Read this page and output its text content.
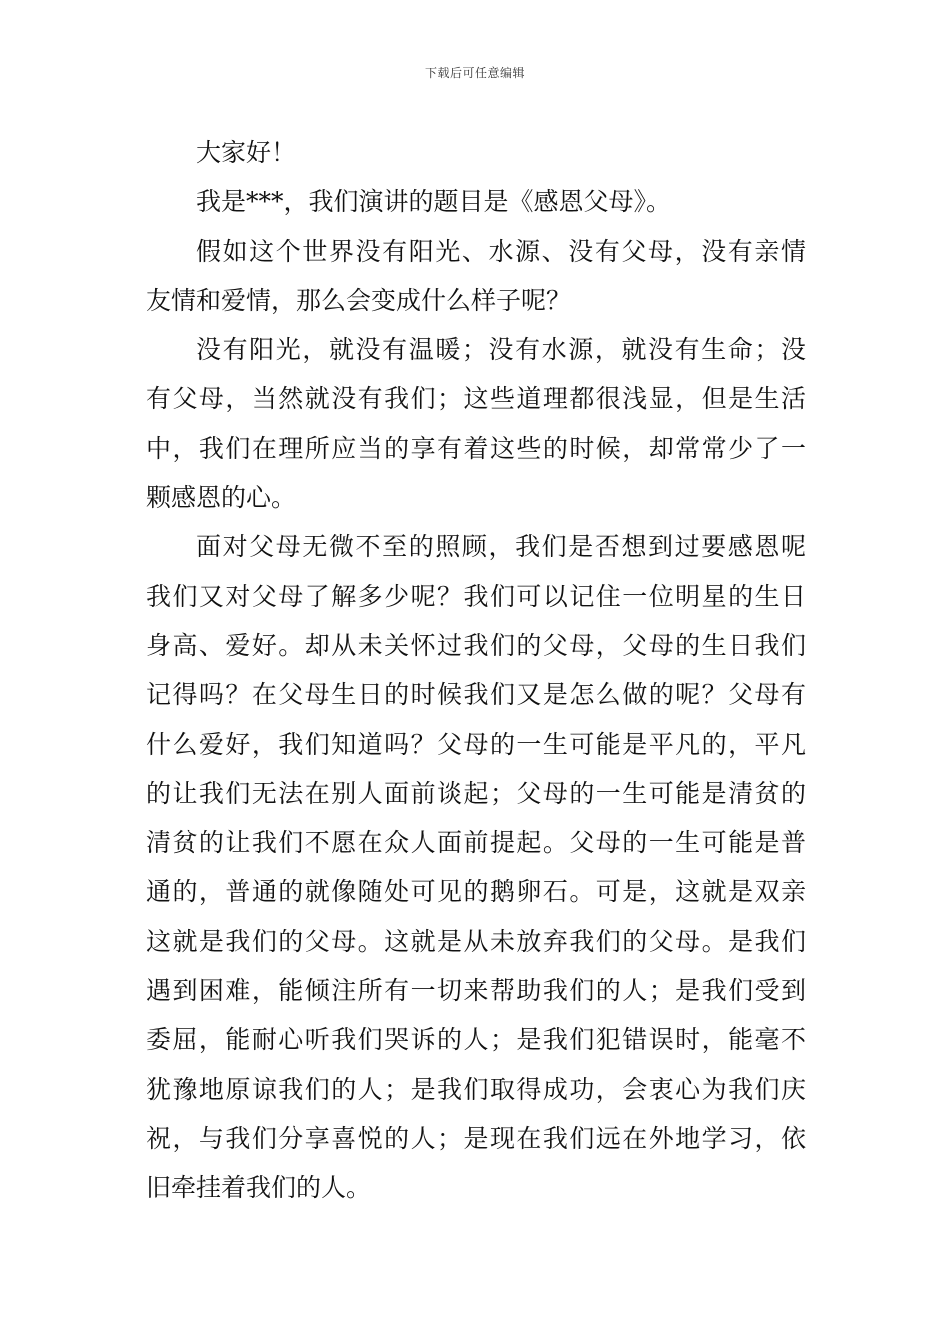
下载后可任意编辑
大家好！
我是***，我们演讲的题目是《感恩父母》。
假如这个世界没有阳光、水源、没有父母，没有亲情
友情和爱情，那么会变成什么样子呢？
没有阳光，就没有温暖；没有水源，就没有生命；没
有父母，当然就没有我们；这些道理都很浅显，但是生活
中，我们在理所应当的享有着这些的时候，却常常少了一
颗感恩的心。
面对父母无微不至的照顾，我们是否想到过要感恩呢
我们又对父母了解多少呢？我们可以记住一位明星的生日
身高、爱好。却从未关怀过我们的父母，父母的生日我们
记得吗？在父母生日的时候我们又是怎么做的呢？父母有
什么爱好，我们知道吗？父母的一生可能是平凡的，平凡
的让我们无法在别人面前谈起；父母的一生可能是清贫的
清贫的让我们不愿在众人面前提起。父母的一生可能是普
通的，普通的就像随处可见的鹅卵石。可是，这就是双亲
这就是我们的父母。这就是从未放弃我们的父母。是我们
遇到困难，能倾注所有一切来帮助我们的人；是我们受到
委屈，能耐心听我们哭诉的人；是我们犯错误时，能毫不
犹豫地原谅我们的人；是我们取得成功，会衷心为我们庆
祝，与我们分享喜悦的人；是现在我们远在外地学习，依
旧牵挂着我们的人。
